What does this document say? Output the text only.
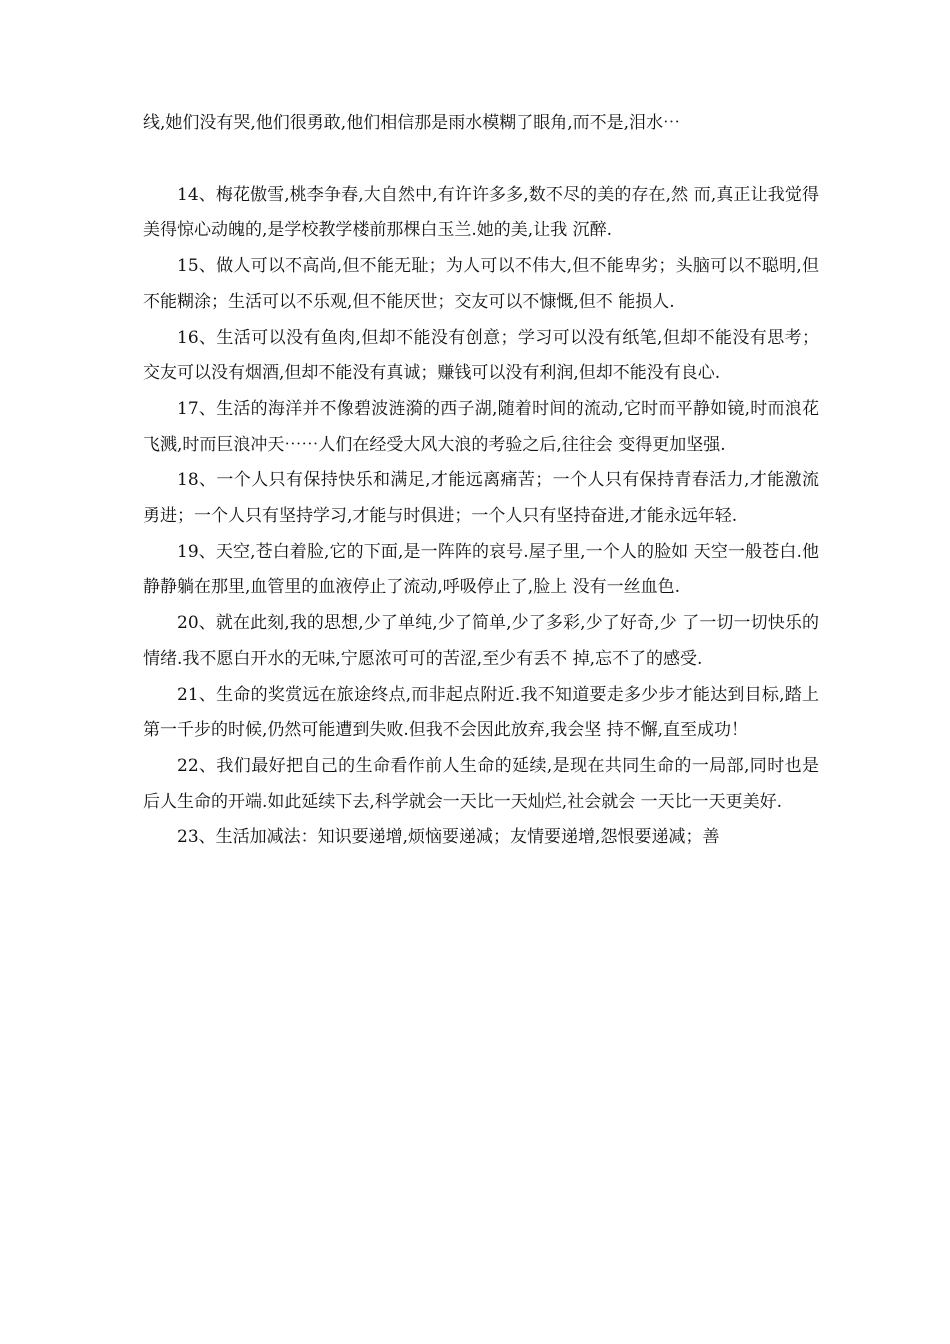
线,她们没有哭,他们很勇敢,他们相信那是雨水模糊了眼角,而不是,泪水⋯

14、梅花傲雪,桃李争春,大自然中,有许许多多,数不尽的美的存在,然 而,真正让我觉得美得惊心动魄的,是学校教学楼前那棵白玉兰.她的美,让我 沉醉.

15、做人可以不高尚,但不能无耻；为人可以不伟大,但不能卑劣；头脑可以不聪明,但不能糊涂；生活可以不乐观,但不能厌世；交友可以不慷慨,但不 能损人.

16、生活可以没有鱼肉,但却不能没有创意；学习可以没有纸笔,但却不能没有思考；交友可以没有烟酒,但却不能没有真诚；赚钱可以没有利润,但却不能没有良心.

17、生活的海洋并不像碧波涟漪的西子湖,随着时间的流动,它时而平静如镜,时而浪花飞溅,时而巨浪冲天⋯⋯人们在经受大风大浪的考验之后,往往会 变得更加坚强.

18、一个人只有保持快乐和满足,才能远离痛苦；一个人只有保持青春活力,才能激流勇进；一个人只有坚持学习,才能与时俱进；一个人只有坚持奋进,才能永远年轻.

19、天空,苍白着脸,它的下面,是一阵阵的哀号.屋子里,一个人的脸如 天空一般苍白.他静静躺在那里,血管里的血液停止了流动,呼吸停止了,脸上 没有一丝血色.

20、就在此刻,我的思想,少了单纯,少了简单,少了多彩,少了好奇,少 了一切一切快乐的情绪.我不愿白开水的无味,宁愿浓可可的苦涩,至少有丢不 掉,忘不了的感受.

21、生命的奖赏远在旅途终点,而非起点附近.我不知道要走多少步才能达到目标,踏上第一千步的时候,仍然可能遭到失败.但我不会因此放弃,我会坚 持不懈,直至成功！

22、我们最好把自己的生命看作前人生命的延续,是现在共同生命的一局部,同时也是后人生命的开端.如此延续下去,科学就会一天比一天灿烂,社会就会 一天比一天更美好.

23、生活加减法：知识要递增,烦恼要递减；友情要递增,怨恨要递减；善
